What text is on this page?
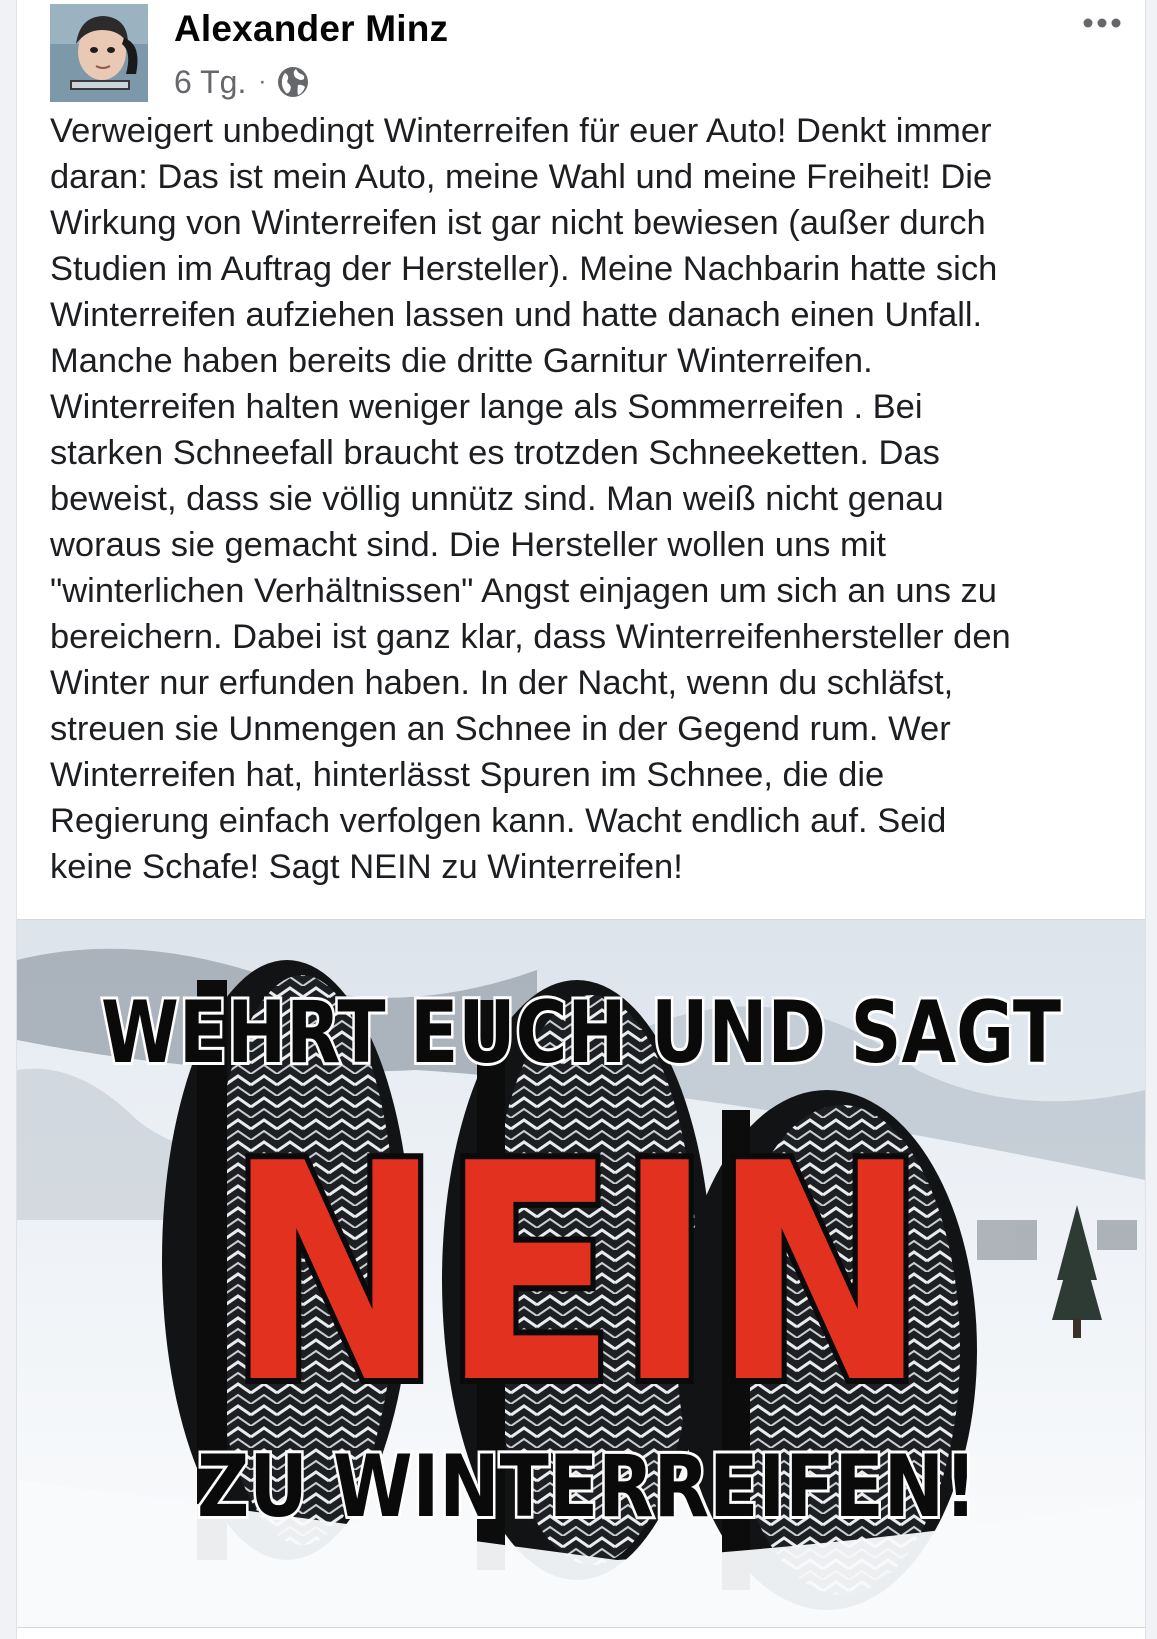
Alexander Minz
6 Tg. ·
Verweigert unbedingt Winterreifen für euer Auto! Denkt immer
daran: Das ist mein Auto, meine Wahl und meine Freiheit! Die
Wirkung von Winterreifen ist gar nicht bewiesen (außer durch
Studien im Auftrag der Hersteller). Meine Nachbarin hatte sich
Winterreifen aufziehen lassen und hatte danach einen Unfall.
Manche haben bereits die dritte Garnitur Winterreifen.
Winterreifen halten weniger lange als Sommerreifen . Bei
starken Schneefall braucht es trotzden Schneeketten. Das
beweist, dass sie völlig unnütz sind. Man weiß nicht genau
woraus sie gemacht sind. Die Hersteller wollen uns mit
"winterlichen Verhältnissen" Angst einjagen um sich an uns zu
bereichern. Dabei ist ganz klar, dass Winterreifenhersteller den
Winter nur erfunden haben. In der Nacht, wenn du schläfst,
streuen sie Unmengen an Schnee in der Gegend rum. Wer
Winterreifen hat, hinterlässt Spuren im Schnee, die die
Regierung einfach verfolgen kann. Wacht endlich auf. Seid
keine Schafe! Sagt NEIN zu Winterreifen!
WEHRT EUCH UND SAGT
NEIN
ZU WINTERREIFEN!
